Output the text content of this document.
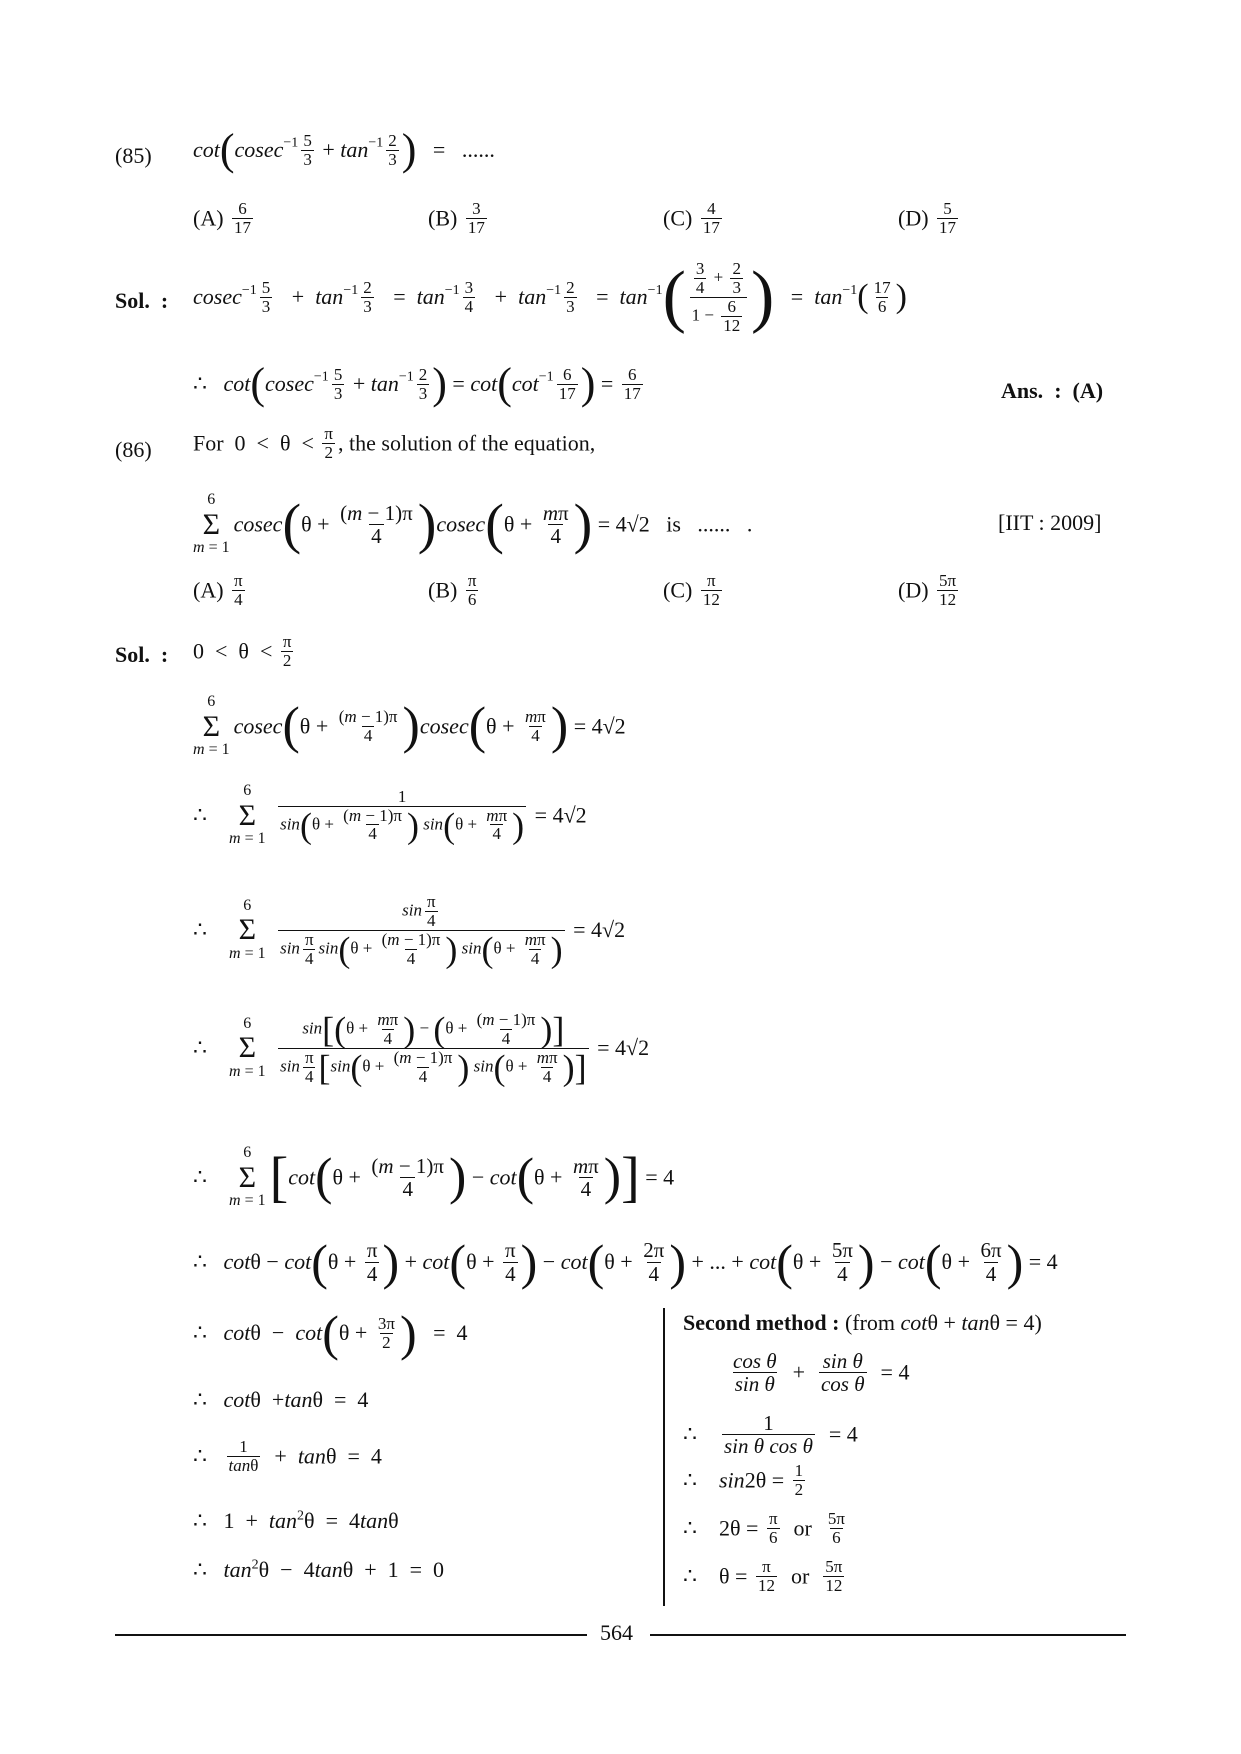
(85) $\cot(cosec^{-1} \frac{5}{3} + \tan^{-1} \frac{2}{3}$ )   =   ......
$(A) \frac{6}{17}$	$(B) \frac{3}{17}$	$(C) \frac{4}{17}$	$(D) \frac{5}{17}$
Sol.  : $cosec^{-1} \frac{5}{3} + \tan^{-1} \frac{2}{3} = \tan^{-1} \frac{3}{4} + \tan^{-1} \frac{2}{3} = \tan^{-1}( \frac{\frac{3}{4} + \frac{2}{3}}{1 - \frac{6}{12}}$ )   =  $\tan^{-1}( \frac{17}{6}$ )
∴   $\cot(cosec^{-1} \frac{5}{3} + \tan^{-1} \frac{2}{3}$ ) = $\cot(\cot^{-1} \frac{6}{17}$ ) = $\frac{6}{17}$	Ans.  :  (A)
(86) For  $0 < \theta < \frac{\pi}{2}$ , the solution of the equation,
6
Σ
m = 1
$cosec(\theta + \frac{(m - 1)\pi}{4} )cosec(\theta + \frac{m\pi}{4}$ ) = 4√2   is   ......   .	[IIT : 2009]
$(A) \frac{\pi}{4}$	$(B) \frac{\pi}{6}$	$(C) \frac{\pi}{12}$	$(D) \frac{5\pi}{12}$
Sol.  : $0 < \theta < \frac{\pi}{2}$
6
Σ
m = 1
$cosec(\theta + \frac{(m - 1)\pi}{4} )cosec(\theta + \frac{m\pi}{4}$ ) = 4√2
∴
6
Σ
m = 1
$\frac{1}{\sin(\theta + \frac{(m - 1)\pi}{4} ) \sin(\theta + \frac{m\pi}{4} )} = 4√2$
∴
6
Σ
m = 1
$\frac{\sin \frac{\pi}{4}}{\sin \frac{\pi}{4} \sin(\theta + \frac{(m - 1)\pi}{4} ) \sin(\theta + \frac{m\pi}{4} )} = 4√2$
∴
6
Σ
m = 1
$\frac{\sin[(\theta + \frac{m\pi}{4} ) - (\theta + \frac{(m - 1)\pi}{4} )]}{\sin \frac{\pi}{4} [\sin(\theta + \frac{(m - 1)\pi}{4} ) \sin(\theta + \frac{m\pi}{4} )]} = 4√2$
∴
6
Σ
m = 1 [$\cot(\theta + \frac{(m - 1)\pi}{4}$ ) − $\cot(\theta + \frac{m\pi}{4}$ )] = 4
∴   $\cot\theta - \cot(\theta + \frac{\pi}{4}$ ) + $\cot(\theta + \frac{\pi}{4}$ ) − $\cot(\theta + \frac{2\pi}{4}$ ) + ... + $\cot(\theta + \frac{5\pi}{4}$ ) − $\cot(\theta + \frac{6\pi}{4}$ ) = 4
∴   $\cot\theta - \cot(\theta + \frac{3\pi}{2}$ )   =  4
∴   cotθ  +tanθ  =  4
∴ $\frac{1}{\tan\theta} + \tan\theta = 4$
∴   $1 + \tan^2\theta = 4\tan\theta$
∴   $\tan^2\theta - 4\tan\theta + 1 = 0$
Second method : (from cotθ + tanθ = 4)
$\frac{\text{cos θ}}{\text{sin θ}} + \frac{\text{sin θ}}{\text{cos θ}} = 4$
∴ $\frac{1}{\text{sin θ cos θ}} = 4$
∴    $\sin 2\theta = \frac{1}{2}$
∴    $2\theta = \frac{\pi}{6}$ or $\frac{5\pi}{6}$
∴    $\theta = \frac{\pi}{12}$ or $\frac{5\pi}{12}$
564
